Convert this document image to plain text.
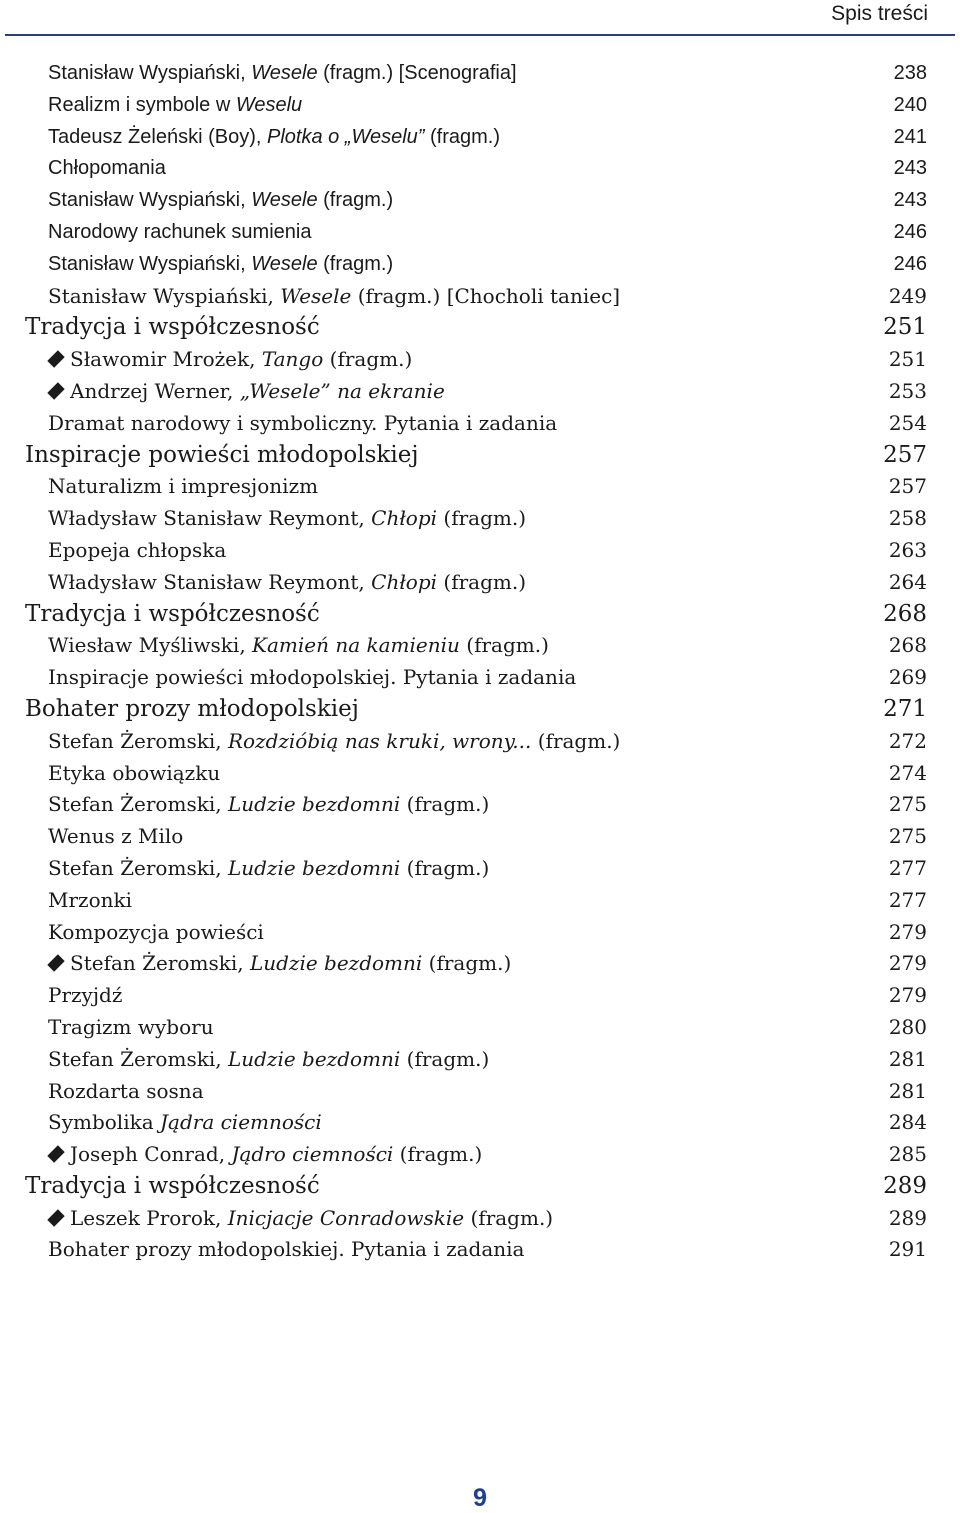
Spis treści
Stanisław Wyspiański, Wesele (fragm.) [Scenografia]	238
Realizm i symbole w Weselu	240
Tadeusz Żeleński (Boy), Plotka o „Weselu” (fragm.)	241
Chłopomania	243
Stanisław Wyspiański, Wesele (fragm.)	243
Narodowy rachunek sumienia	246
Stanisław Wyspiański, Wesele (fragm.)	246
Stanisław Wyspiański, Wesele (fragm.) [Chocholi taniec]	249
Tradycja i współczesność	251
Sławomir Mrożek, Tango (fragm.)	251
Andrzej Werner, „Wesele” na ekranie	253
Dramat narodowy i symboliczny. Pytania i zadania	254
Inspiracje powieści młodopolskiej	257
Naturalizm i impresjonizm	257
Władysław Stanisław Reymont, Chłopi (fragm.)	258
Epopeja chłopska	263
Władysław Stanisław Reymont, Chłopi (fragm.)	264
Tradycja i współczesność	268
Wiesław Myśliwski, Kamień na kamieniu (fragm.)	268
Inspiracje powieści młodopolskiej. Pytania i zadania	269
Bohater prozy młodopolskiej	271
Stefan Żeromski, Rozdzióbią nas kruki, wrony... (fragm.)	272
Etyka obowiązku	274
Stefan Żeromski, Ludzie bezdomni (fragm.)	275
Wenus z Milo	275
Stefan Żeromski, Ludzie bezdomni (fragm.)	277
Mrzonki	277
Kompozycja powieści	279
Stefan Żeromski, Ludzie bezdomni (fragm.)	279
Przyjdź	279
Tragizm wyboru	280
Stefan Żeromski, Ludzie bezdomni (fragm.)	281
Rozdarta sosna	281
Symbolika Jądra ciemności	284
Joseph Conrad, Jądro ciemności (fragm.)	285
Tradycja i współczesność	289
Leszek Prorok, Inicjacje Conradowskie (fragm.)	289
Bohater prozy młodopolskiej. Pytania i zadania	291
9
